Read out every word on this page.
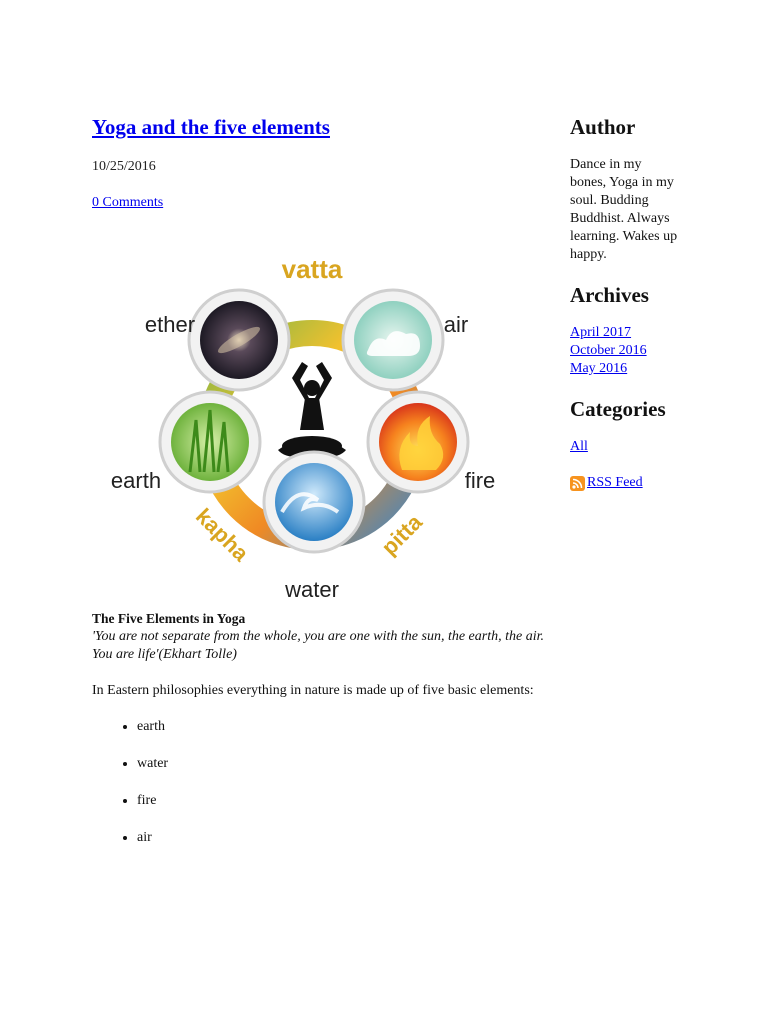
Yoga and the five elements
10/25/2016
0 Comments
vatta
ether	air
earth	fire
water
kapha	pitta
The Five Elements in Yoga
'You are not separate from the whole, you are one with the sun, the earth, the air.
You are life'(Ekhart Tolle)
In Eastern philosophies everything in nature is made up of five basic elements:
• earth
• water
• fire
• air
Author
Dance in my bones, Yoga in my soul. Budding Buddhist. Always learning. Wakes up happy.
Archives
April 2017
October 2016
May 2016
Categories
All
RSS Feed
